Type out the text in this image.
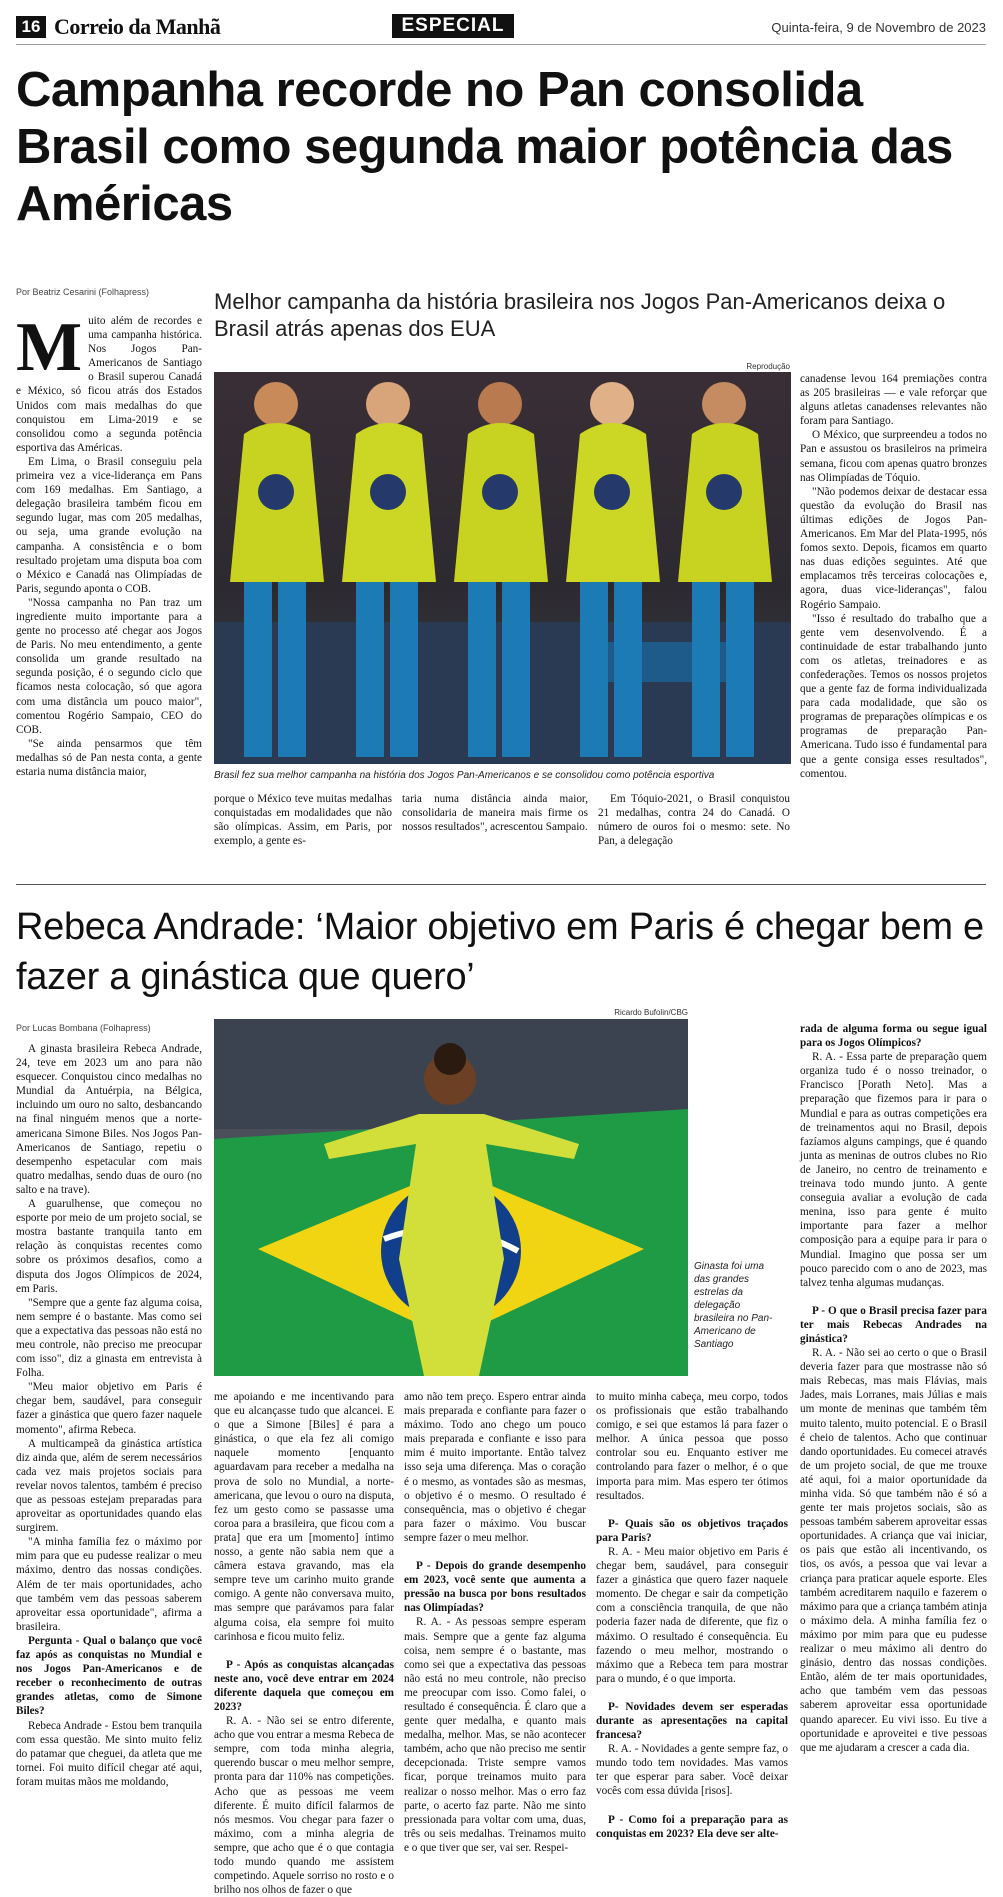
16 Correio da Manhã	ESPECIAL	Quinta-feira, 9 de Novembro de 2023
Campanha recorde no Pan consolida Brasil como segunda maior potência das Américas
Por Beatriz Cesarini (Folhapress)	Melhor campanha da história brasileira nos Jogos Pan-Americanos deixa o Brasil atrás apenas dos EUA
M uito além de recordes e uma campanha histórica. Nos Jogos Pan-Americanos de Santiago o Brasil superou Canadá e México, só ficou atrás dos Estados Unidos com mais medalhas do que conquistou em Lima-2019 e se consolidou como a segunda potência esportiva das Américas.

Em Lima, o Brasil conseguiu pela primeira vez a vice-liderança em Pans com 169 medalhas. Em Santiago, a delegação brasileira também ficou em segundo lugar, mas com 205 medalhas, ou seja, uma grande evolução na campanha. A consistência e o bom resultado projetam uma disputa boa com o México e Canadá nas Olimpíadas de Paris, segundo aponta o COB.

"Nossa campanha no Pan traz um ingrediente muito importante para a gente no processo até chegar aos Jogos de Paris. No meu entendimento, a gente consolida um grande resultado na segunda posição, é o segundo ciclo que ficamos nesta colocação, só que agora com uma distância um pouco maior", comentou Rogério Sampaio, CEO do COB.

"Se ainda pensarmos que têm medalhas só de Pan nesta conta, a gente estaria numa distância maior,

Reprodução
Brasil fez sua melhor campanha na história dos Jogos Pan-Americanos e se consolidou como potência esportiva

porque o México teve muitas medalhas conquistadas em modalidades que não são olímpicas. Assim, em Paris, por exemplo, a gente es-

taria numa distância ainda maior, consolidaria de maneira mais firme os nossos resultados", acrescentou Sampaio.

Em Tóquio-2021, o Brasil conquistou 21 medalhas, contra 24 do Canadá. O número de ouros foi o mesmo: sete. No Pan, a delegação

canadense levou 164 premiações contra as 205 brasileiras — e vale reforçar que alguns atletas canadenses relevantes não foram para Santiago.

O México, que surpreendeu a todos no Pan e assustou os brasileiros na primeira semana, ficou com apenas quatro bronzes nas Olimpíadas de Tóquio.

"Não podemos deixar de destacar essa questão da evolução do Brasil nas últimas edições de Jogos Pan-Americanos. Em Mar del Plata-1995, nós fomos sexto. Depois, ficamos em quarto nas duas edições seguintes. Até que emplacamos três terceiras colocações e, agora, duas vice-lideranças", falou Rogério Sampaio.

"Isso é resultado do trabalho que a gente vem desenvolvendo. É a continuidade de estar trabalhando junto com os atletas, treinadores e as confederações. Temos os nossos projetos que a gente faz de forma individualizada para cada modalidade, que são os programas de preparações olímpicas e os programas de preparação Pan-Americana. Tudo isso é fundamental para que a gente consiga esses resultados", comentou.

Rebeca Andrade: ‘Maior objetivo em Paris é chegar bem e fazer a ginástica que quero’
Por Lucas Bombana (Folhapress)
Ricardo Bufolin/CBG
Ginasta foi uma das grandes estrelas da delegação brasileira no Pan-Americano de Santiago

A ginasta brasileira Rebeca Andrade, 24, teve em 2023 um ano para não esquecer. Conquistou cinco medalhas no Mundial da Antuérpia, na Bélgica, incluindo um ouro no salto, desbancando na final ninguém menos que a norte-americana Simone Biles. Nos Jogos Pan-Americanos de Santiago, repetiu o desempenho espetacular com mais quatro medalhas, sendo duas de ouro (no salto e na trave).

A guarulhense, que começou no esporte por meio de um projeto social, se mostra bastante tranquila tanto em relação às conquistas recentes como sobre os próximos desafios, como a disputa dos Jogos Olímpicos de 2024, em Paris.

"Sempre que a gente faz alguma coisa, nem sempre é o bastante. Mas como sei que a expectativa das pessoas não está no meu controle, não preciso me preocupar com isso", diz a ginasta em entrevista à Folha.

"Meu maior objetivo em Paris é chegar bem, saudável, para conseguir fazer a ginástica que quero fazer naquele momento", afirma Rebeca.

A multicampeã da ginástica artística diz ainda que, além de serem necessários cada vez mais projetos sociais para revelar novos talentos, também é preciso que as pessoas estejam preparadas para aproveitar as oportunidades quando elas surgirem.

"A minha família fez o máximo por mim para que eu pudesse realizar o meu máximo, dentro das nossas condições. Além de ter mais oportunidades, acho que também vem das pessoas saberem aproveitar essa oportunidade", afirma a brasileira.

Pergunta - Qual o balanço que você faz após as conquistas no Mundial e nos Jogos Pan-Americanos e de receber o reconhecimento de outras grandes atletas, como de Simone Biles?

Rebeca Andrade - Estou bem tranquila com essa questão. Me sinto muito feliz do patamar que cheguei, da atleta que me tornei. Foi muito difícil chegar até aqui, foram muitas mãos me moldando,

me apoiando e me incentivando para que eu alcançasse tudo que alcancei. E o que a Simone [Biles] é para a ginástica, o que ela fez ali comigo naquele momento [enquanto aguardavam para receber a medalha na prova de solo no Mundial, a norte-americana, que levou o ouro na disputa, fez um gesto como se passasse uma coroa para a brasileira, que ficou com a prata] que era um [momento] íntimo nosso, a gente não sabia nem que a câmera estava gravando, mas ela sempre teve um carinho muito grande comigo. A gente não conversava muito, mas sempre que parávamos para falar alguma coisa, ela sempre foi muito carinhosa e ficou muito feliz.

P - Após as conquistas alcançadas neste ano, você deve entrar em 2024 diferente daquela que começou em 2023?

R. A. - Não sei se entro diferente, acho que vou entrar a mesma Rebeca de sempre, com toda minha alegria, querendo buscar o meu melhor sempre, pronta para dar 110% nas competições. Acho que as pessoas me veem diferente. É muito difícil falarmos de nós mesmos. Vou chegar para fazer o máximo, com a minha alegria de sempre, que acho que é o que contagia todo mundo quando me assistem competindo. Aquele sorriso no rosto e o brilho nos olhos de fazer o que

amo não tem preço. Espero entrar ainda mais preparada e confiante para fazer o máximo. Todo ano chego um pouco mais preparada e confiante e isso para mim é muito importante. Então talvez isso seja uma diferença. Mas o coração é o mesmo, as vontades são as mesmas, o objetivo é o mesmo. O resultado é consequência, mas o objetivo é chegar para fazer o máximo. Vou buscar sempre fazer o meu melhor.

P - Depois do grande desempenho em 2023, você sente que aumenta a pressão na busca por bons resultados nas Olimpíadas?

R. A. - As pessoas sempre esperam mais. Sempre que a gente faz alguma coisa, nem sempre é o bastante, mas como sei que a expectativa das pessoas não está no meu controle, não preciso me preocupar com isso. Como falei, o resultado é consequência. É claro que a gente quer medalha, e quanto mais medalha, melhor. Mas, se não acontecer também, acho que não preciso me sentir decepcionada. Triste sempre vamos ficar, porque treinamos muito para realizar o nosso melhor. Mas o erro faz parte, o acerto faz parte. Não me sinto pressionada para voltar com uma, duas, três ou seis medalhas. Treinamos muito e o que tiver que ser, vai ser. Respei-

to muito minha cabeça, meu corpo, todos os profissionais que estão trabalhando comigo, e sei que estamos lá para fazer o melhor. A única pessoa que posso controlar sou eu. Enquanto estiver me controlando para fazer o melhor, é o que importa para mim. Mas espero ter ótimos resultados.

P- Quais são os objetivos traçados para Paris?

R. A. - Meu maior objetivo em Paris é chegar bem, saudável, para conseguir fazer a ginástica que quero fazer naquele momento. De chegar e sair da competição com a consciência tranquila, de que não poderia fazer nada de diferente, que fiz o máximo. O resultado é consequência. Eu fazendo o meu melhor, mostrando o máximo que a Rebeca tem para mostrar para o mundo, é o que importa.

P- Novidades devem ser esperadas durante as apresentações na capital francesa?

R. A. - Novidades a gente sempre faz, o mundo todo tem novidades. Mas vamos ter que esperar para saber. Você deixar vocês com essa dúvida [risos].

P - Como foi a preparação para as conquistas em 2023? Ela deve ser alte-

rada de alguma forma ou segue igual para os Jogos Olímpicos?

R. A. - Essa parte de preparação quem organiza tudo é o nosso treinador, o Francisco [Porath Neto]. Mas a preparação que fizemos para ir para o Mundial e para as outras competições era de treinamentos aqui no Brasil, depois fazíamos alguns campings, que é quando junta as meninas de outros clubes no Rio de Janeiro, no centro de treinamento e treinava todo mundo junto. A gente conseguia avaliar a evolução de cada menina, isso para gente é muito importante para fazer a melhor composição para a equipe para ir para o Mundial. Imagino que possa ser um pouco parecido com o ano de 2023, mas talvez tenha algumas mudanças.

P - O que o Brasil precisa fazer para ter mais Rebecas Andrades na ginástica?

R. A. - Não sei ao certo o que o Brasil deveria fazer para que mostrasse não só mais Rebecas, mas mais Flávias, mais Jades, mais Lorranes, mais Júlias e mais um monte de meninas que também têm muito talento, muito potencial. E o Brasil é cheio de talentos. Acho que continuar dando oportunidades. Eu comecei através de um projeto social, de que me trouxe até aqui, foi a maior oportunidade da minha vida. Só que também não é só a gente ter mais projetos sociais, são as pessoas também saberem aproveitar essas oportunidades. A criança que vai iniciar, os pais que estão ali incentivando, os tios, os avós, a pessoa que vai levar a criança para praticar aquele esporte. Eles também acreditarem naquilo e fazerem o máximo para que a criança também atinja o máximo dela. A minha família fez o máximo por mim para que eu pudesse realizar o meu máximo ali dentro do ginásio, dentro das nossas condições. Então, além de ter mais oportunidades, acho que também vem das pessoas saberem aproveitar essa oportunidade quando aparecer. Eu vivi isso. Eu tive a oportunidade e aproveitei e tive pessoas que me ajudaram a crescer a cada dia.
